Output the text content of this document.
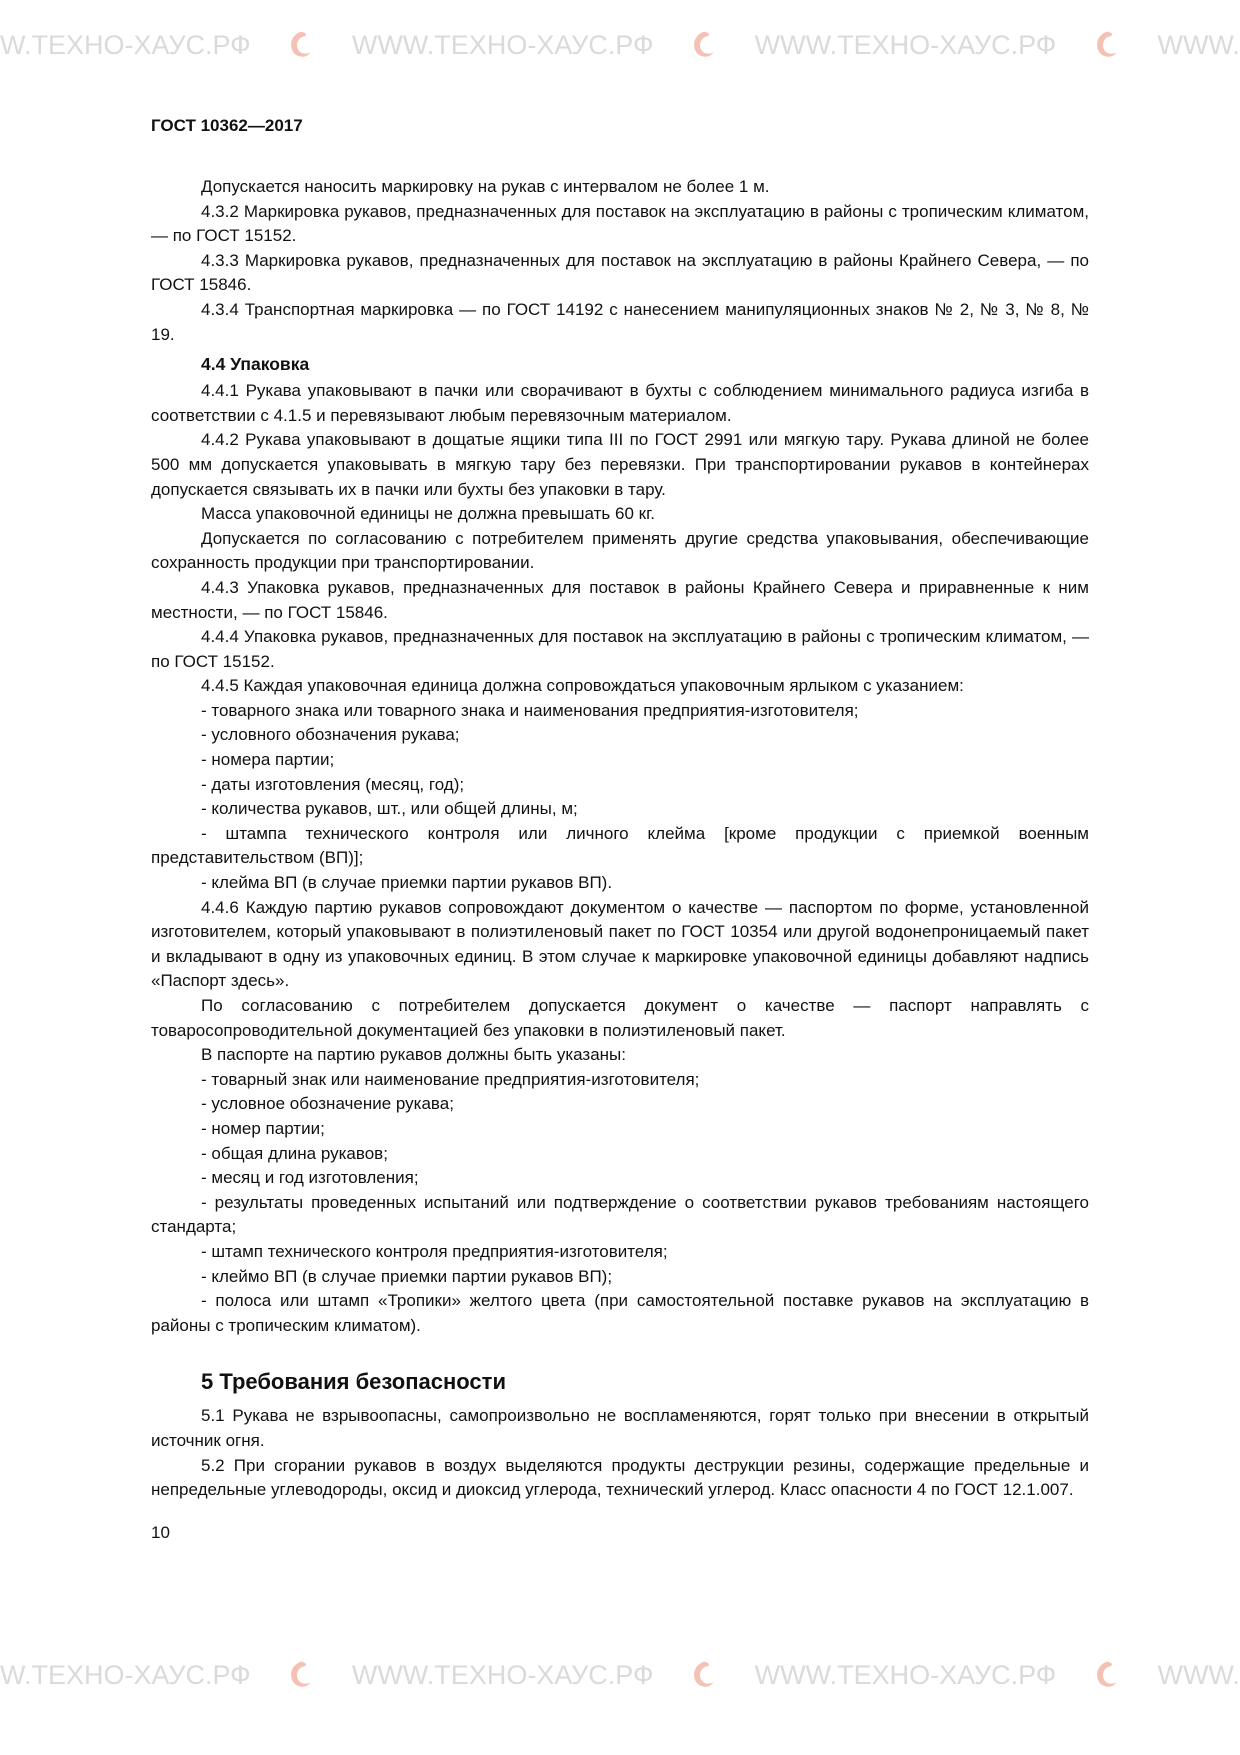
W.ТЕХНО-ХАУС.РФ	WWW.ТЕХНО-ХАУС.РФ	WWW.ТЕХНО-ХАУС.РФ	WWW.
ГОСТ 10362—2017

Допускается наносить маркировку на рукав с интервалом не более 1 м.

4.3.2 Маркировка рукавов, предназначенных для поставок на эксплуатацию в районы с тропическим климатом, — по ГОСТ 15152.

4.3.3 Маркировка рукавов, предназначенных для поставок на эксплуатацию в районы Крайнего Севера, — по ГОСТ 15846.

4.3.4 Транспортная маркировка — по ГОСТ 14192 с нанесением манипуляционных знаков № 2, № 3, № 8, № 19.

4.4 Упаковка

4.4.1 Рукава упаковывают в пачки или сворачивают в бухты с соблюдением минимального радиуса изгиба в соответствии с 4.1.5 и перевязывают любым перевязочным материалом.

4.4.2 Рукава упаковывают в дощатые ящики типа III по ГОСТ 2991 или мягкую тару. Рукава длиной не более 500 мм допускается упаковывать в мягкую тару без перевязки. При транспортировании рукавов в контейнерах допускается связывать их в пачки или бухты без упаковки в тару.

Масса упаковочной единицы не должна превышать 60 кг.

Допускается по согласованию с потребителем применять другие средства упаковывания, обеспечивающие сохранность продукции при транспортировании.

4.4.3 Упаковка рукавов, предназначенных для поставок в районы Крайнего Севера и приравненные к ним местности, — по ГОСТ 15846.

4.4.4 Упаковка рукавов, предназначенных для поставок на эксплуатацию в районы с тропическим климатом, — по ГОСТ 15152.

4.4.5 Каждая упаковочная единица должна сопровождаться упаковочным ярлыком с указанием:

- товарного знака или товарного знака и наименования предприятия-изготовителя;

- условного обозначения рукава;

- номера партии;

- даты изготовления (месяц, год);

- количества рукавов, шт., или общей длины, м;

- штампа технического контроля или личного клейма [кроме продукции с приемкой военным представительством (ВП)];

- клейма ВП (в случае приемки партии рукавов ВП).

4.4.6 Каждую партию рукавов сопровождают документом о качестве — паспортом по форме, установленной изготовителем, который упаковывают в полиэтиленовый пакет по ГОСТ 10354 или другой водонепроницаемый пакет и вкладывают в одну из упаковочных единиц. В этом случае к маркировке упаковочной единицы добавляют надпись «Паспорт здесь».

По согласованию с потребителем допускается документ о качестве — паспорт направлять с товаросопроводительной документацией без упаковки в полиэтиленовый пакет.

В паспорте на партию рукавов должны быть указаны:

- товарный знак или наименование предприятия-изготовителя;

- условное обозначение рукава;

- номер партии;

- общая длина рукавов;

- месяц и год изготовления;

- результаты проведенных испытаний или подтверждение о соответствии рукавов требованиям настоящего стандарта;

- штамп технического контроля предприятия-изготовителя;

- клеймо ВП (в случае приемки партии рукавов ВП);

- полоса или штамп «Тропики» желтого цвета (при самостоятельной поставке рукавов на эксплуатацию в районы с тропическим климатом).

5 Требования безопасности

5.1 Рукава не взрывоопасны, самопроизвольно не воспламеняются, горят только при внесении в открытый источник огня.

5.2 При сгорании рукавов в воздух выделяются продукты деструкции резины, содержащие предельные и непредельные углеводороды, оксид и диоксид углерода, технический углерод. Класс опасности 4 по ГОСТ 12.1.007.

10
W.ТЕХНО-ХАУС.РФ	WWW.ТЕХНО-ХАУС.РФ	WWW.ТЕХНО-ХАУС.РФ	WWW.
